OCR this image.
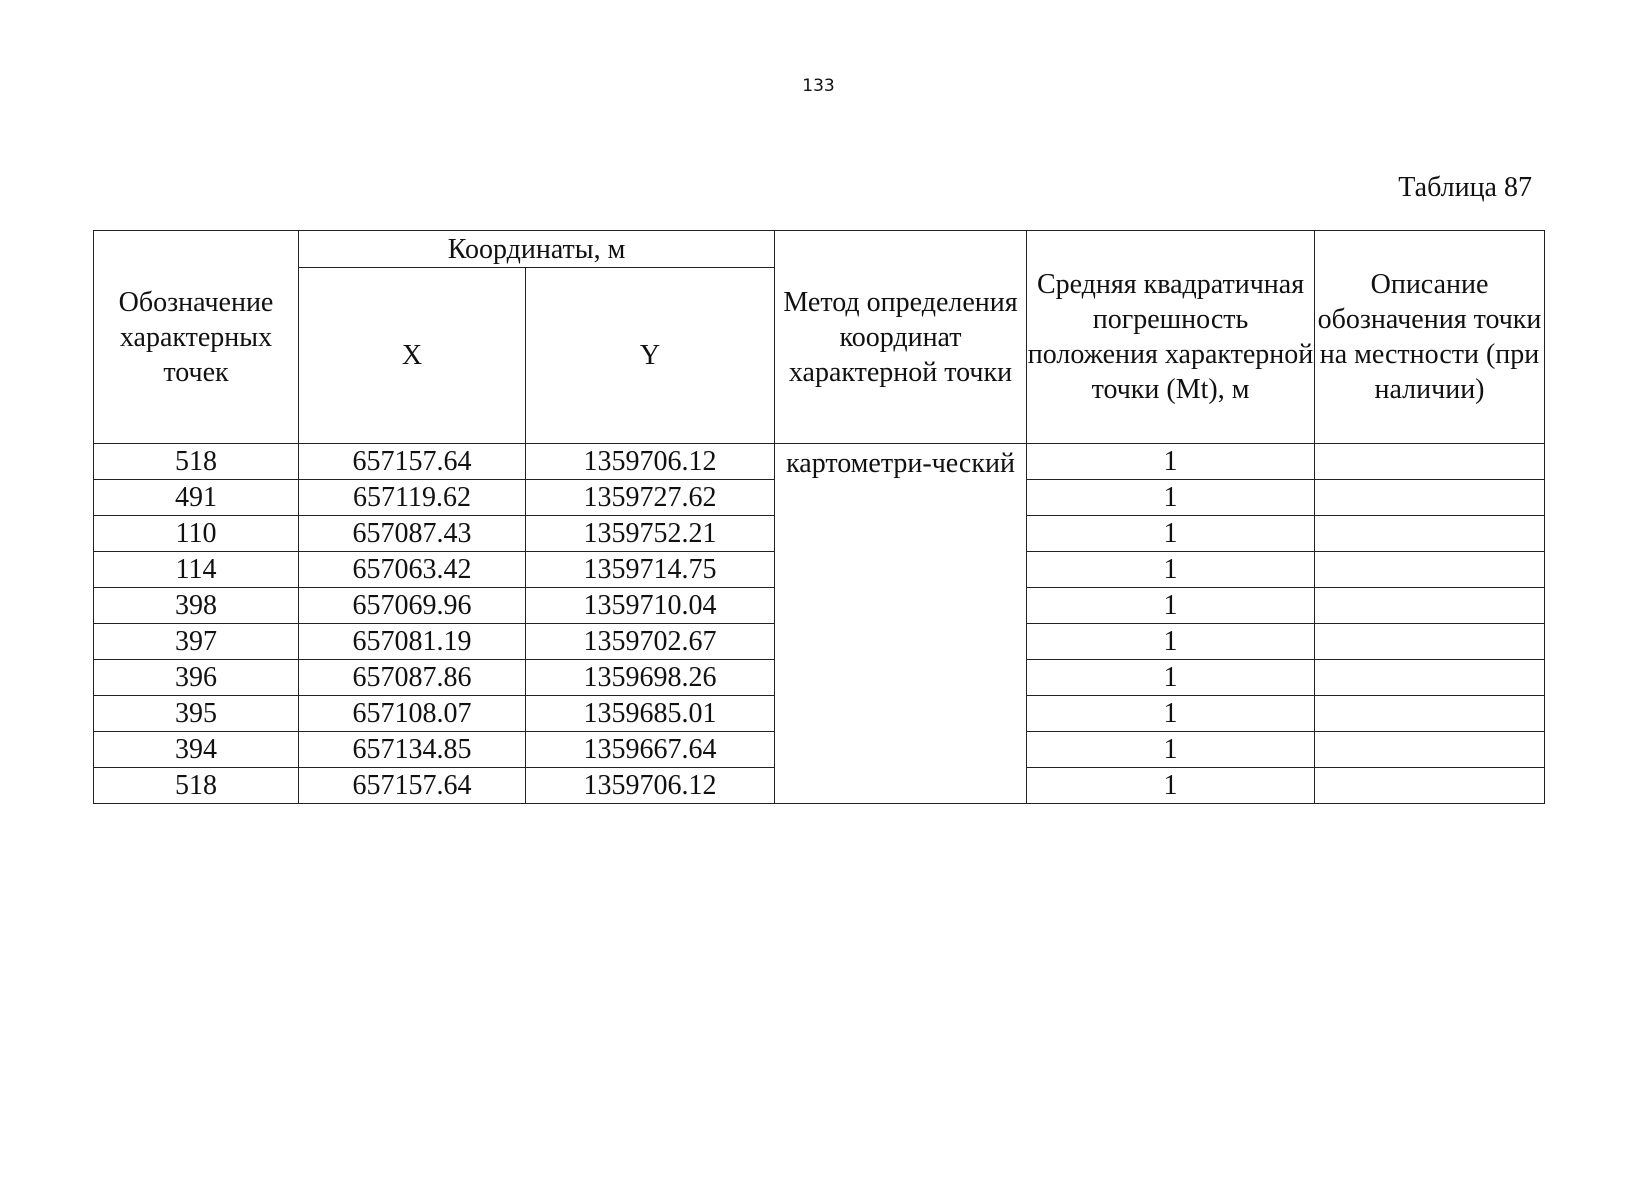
133
Таблица 87
Обозначение характерных точек	Координаты, м		Метод определения координат характерной точки	Средняя квадратичная погрешность положения характерной точки (Mt), м	Описание обозначения точки на местности (при наличии)
	X	Y			
518	657157.64	1359706.12	картометри-ческий	1	
491	657119.62	1359727.62		1	
110	657087.43	1359752.21		1	
114	657063.42	1359714.75		1	
398	657069.96	1359710.04		1	
397	657081.19	1359702.67		1	
396	657087.86	1359698.26		1	
395	657108.07	1359685.01		1	
394	657134.85	1359667.64		1	
518	657157.64	1359706.12		1	
